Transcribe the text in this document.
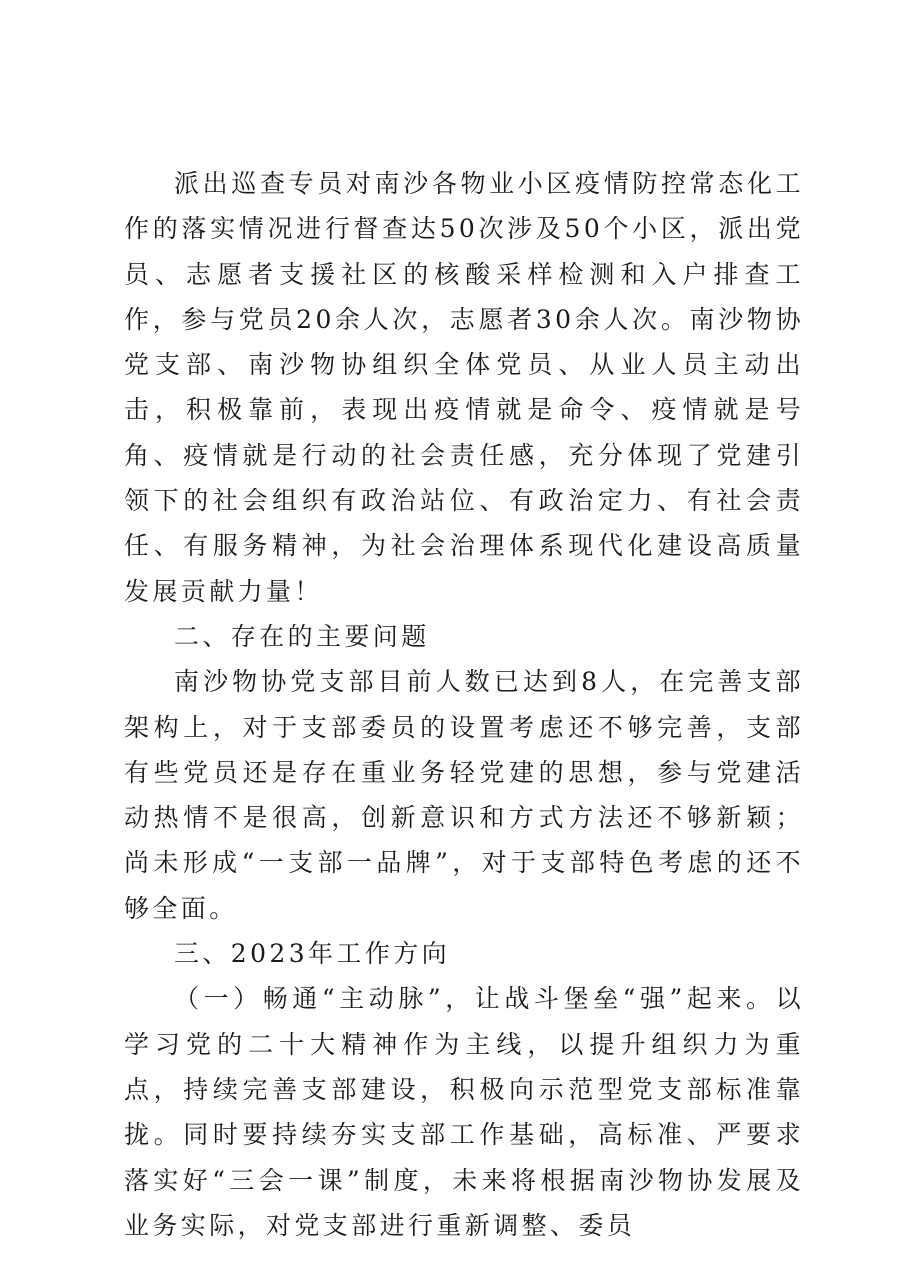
派出巡查专员对南沙各物业小区疫情防控常态化工作的落实情况进行督查达50次涉及50个小区，派出党员、志愿者支援社区的核酸采样检测和入户排查工作，参与党员20余人次，志愿者30余人次。南沙物协党支部、南沙物协组织全体党员、从业人员主动出击，积极靠前，表现出疫情就是命令、疫情就是号角、疫情就是行动的社会责任感，充分体现了党建引领下的社会组织有政治站位、有政治定力、有社会责任、有服务精神，为社会治理体系现代化建设高质量发展贡献力量！

二、存在的主要问题

南沙物协党支部目前人数已达到8人，在完善支部架构上，对于支部委员的设置考虑还不够完善，支部有些党员还是存在重业务轻党建的思想，参与党建活动热情不是很高，创新意识和方式方法还不够新颖；尚未形成“一支部一品牌”，对于支部特色考虑的还不够全面。

三、2023年工作方向

（一）畅通“主动脉”，让战斗堡垒“强”起来。以学习党的二十大精神作为主线，以提升组织力为重点，持续完善支部建设，积极向示范型党支部标准靠拢。同时要持续夯实支部工作基础，高标准、严要求落实好“三会一课”制度，未来将根据南沙物协发展及业务实际，对党支部进行重新调整、委员
